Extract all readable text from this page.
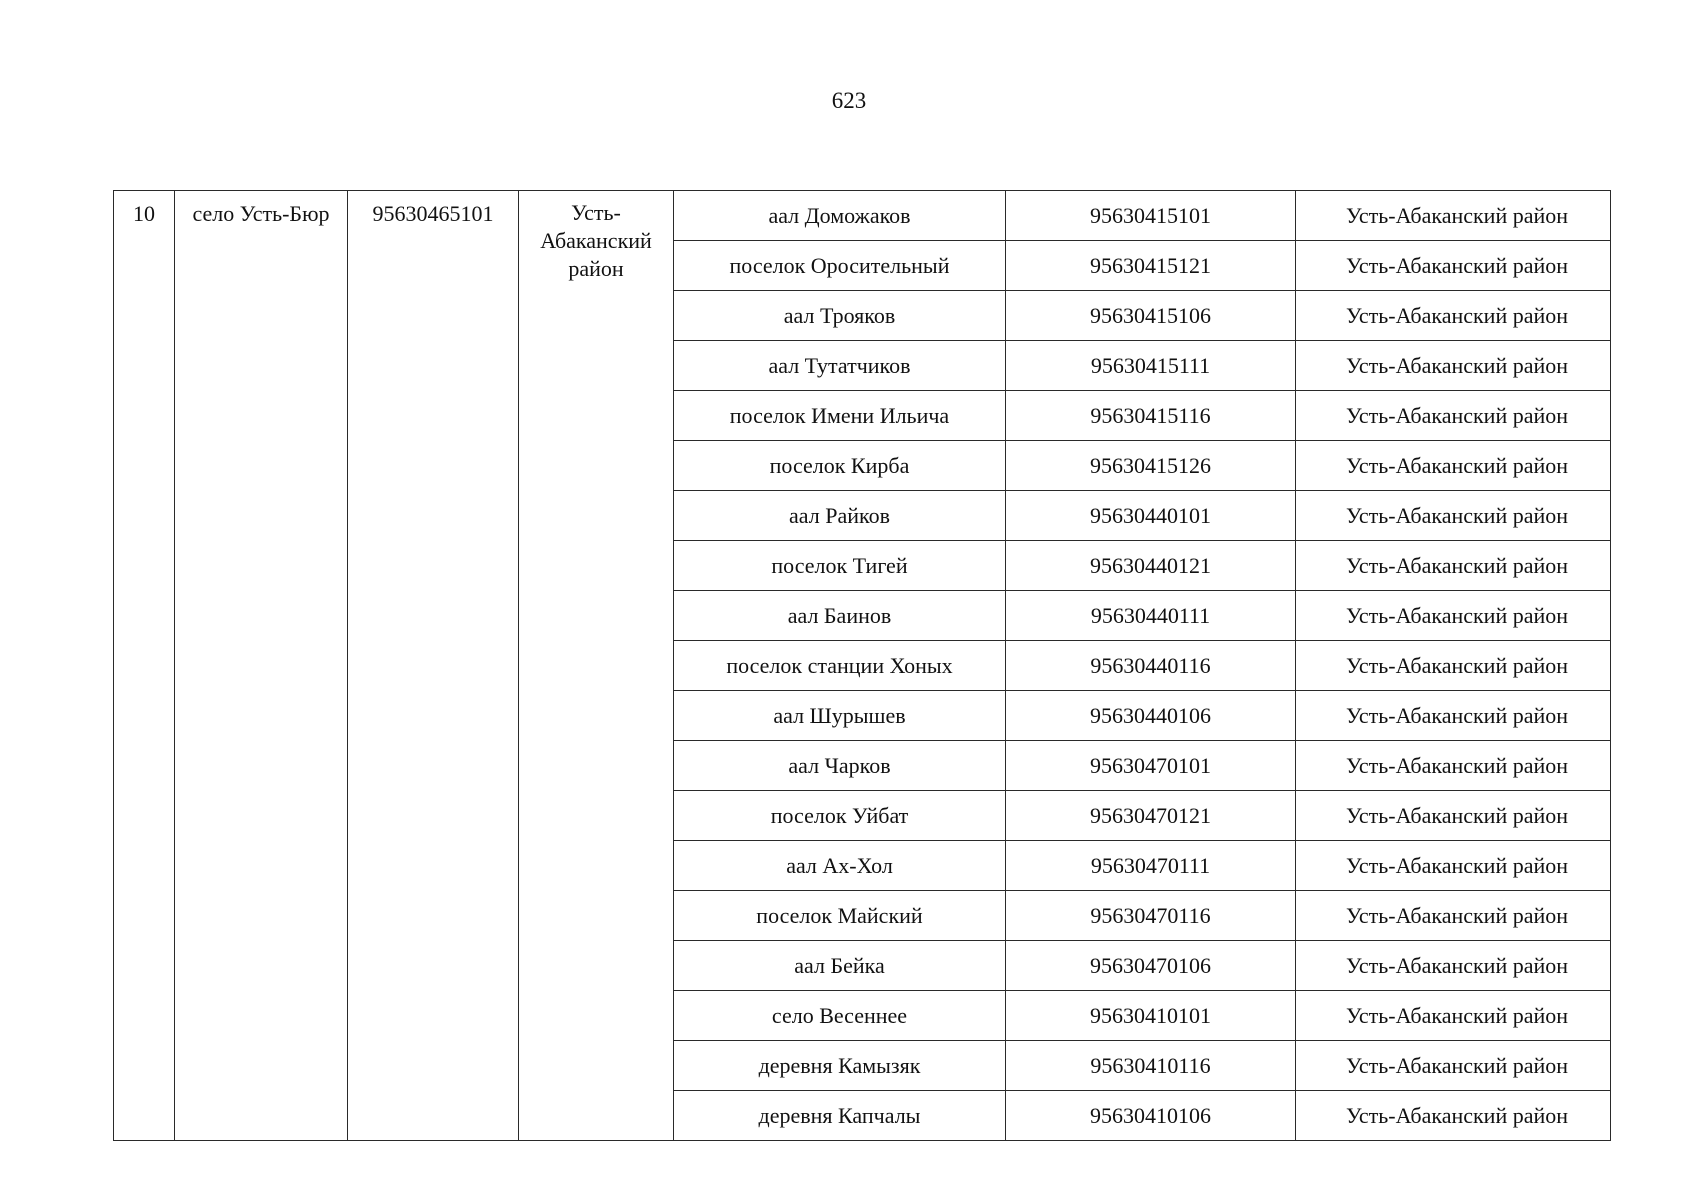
623
10	село Усть-Бюр	95630465101	Усть-Абаканский район	аал Доможаков	95630415101	Усть-Абаканский район
				поселок Оросительный	95630415121	Усть-Абаканский район
				аал Трояков	95630415106	Усть-Абаканский район
				аал Тутатчиков	95630415111	Усть-Абаканский район
				поселок Имени Ильича	95630415116	Усть-Абаканский район
				поселок Кирба	95630415126	Усть-Абаканский район
				аал Райков	95630440101	Усть-Абаканский район
				поселок Тигей	95630440121	Усть-Абаканский район
				аал Баинов	95630440111	Усть-Абаканский район
				поселок станции Хоных	95630440116	Усть-Абаканский район
				аал Шурышев	95630440106	Усть-Абаканский район
				аал Чарков	95630470101	Усть-Абаканский район
				поселок Уйбат	95630470121	Усть-Абаканский район
				аал Ах-Хол	95630470111	Усть-Абаканский район
				поселок Майский	95630470116	Усть-Абаканский район
				аал Бейка	95630470106	Усть-Абаканский район
				село Весеннее	95630410101	Усть-Абаканский район
				деревня Камызяк	95630410116	Усть-Абаканский район
				деревня Капчалы	95630410106	Усть-Абаканский район
